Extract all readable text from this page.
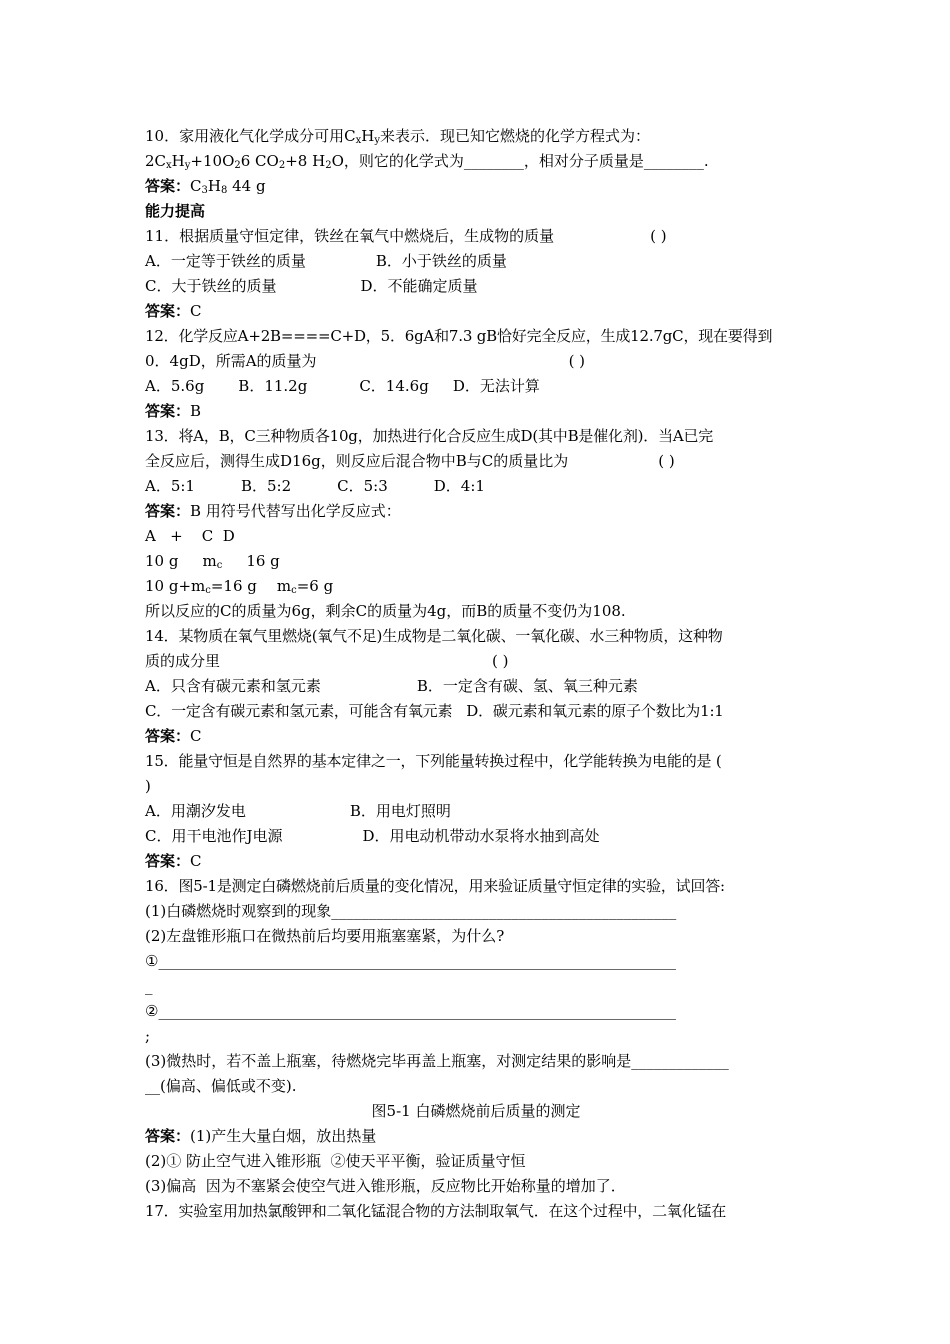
10．家用液化气化学成分可用$C_xH_y$来表示．现已知它燃烧的化学方程式为：
$2C_xH_y+10O_26$ $CO_2+8$ $H_2O$，则它的化学式为________，相对分子质量是________.
答案：$C_3H_8$ 44 g
能力提高
11．根据质量守恒定律，铁丝在氧气中燃烧后，生成物的质量	( )
A．一定等于铁丝的质量	B．小于铁丝的质量
C．大于铁丝的质量	D．不能确定质量
答案：C
12．化学反应A+2B====C+D，5．6gA和7.3 gB恰好完全反应，生成12.7gC，现在要得到
0．4gD，所需A的质量为	( )
A．5.6g B．11.2g	C．14.6g D．无法计算
答案：B
13．将A，B，C三种物质各10g，加热进行化合反应生成D(其中B是催化剂)．当A已完
全反应后，测得生成D16g，则反应后混合物中B与C的质量比为	( )
A．5:1	B．5:2	C．5:3	D．4:1
答案：B 用符号代替写出化学反应式：
A   +    C  D
10 g $m_c$ 16 g
10 $g+m_c=16$ g $m_c=6$ g
所以反应的C的质量为6g，剩余C的质量为4g，而B的质量不变仍为108.
14．某物质在氧气里燃烧(氧气不足)生成物是二氧化碳、一氧化碳、水三种物质，这种物
质的成分里	( )
A．只含有碳元素和氢元素	B．一定含有碳、氢、氧三种元素
C．一定含有碳元素和氢元素，可能含有氧元素 D．碳元素和氧元素的原子个数比为1:1
答案：C
15．能量守恒是自然界的基本定律之一，下列能量转换过程中，化学能转换为电能的是 (
)
A．用潮汐发电	B．用电灯照明
C．用干电池作J电源	D．用电动机带动水泵将水抽到高处
答案：C
16．图5-1是测定白磷燃烧前后质量的变化情况，用来验证质量守恒定律的实验，试回答:
(1)白磷燃烧时观察到的现象______________________________________________
(2)左盘锥形瓶口在微热前后均要用瓶塞塞紧，为什么?
①_____________________________________________________________________
_
②_____________________________________________________________________
;
(3)微热时，若不盖上瓶塞，待燃烧完毕再盖上瓶塞，对测定结果的影响是_____________
__(偏高、偏低或不变).
图5-1 白磷燃烧前后质量的测定
答案：(1)产生大量白烟，放出热量
(2)① 防止空气进入锥形瓶  ②使天平平衡，验证质量守恒
(3)偏高  因为不塞紧会使空气进入锥形瓶，反应物比开始称量的增加了．
17．实验室用加热氯酸钾和二氧化锰混合物的方法制取氧气．在这个过程中，二氧化锰在
